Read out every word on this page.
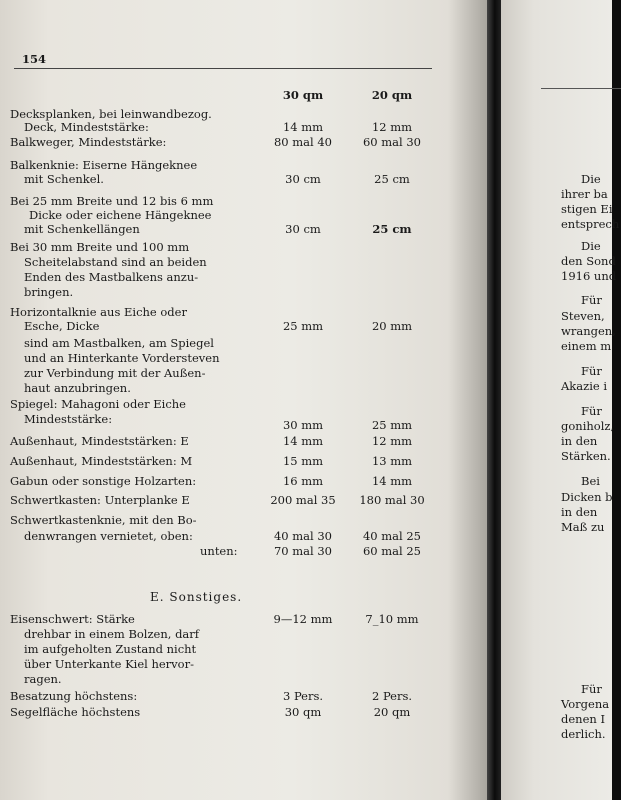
154
30 qm	20 qm
Decksplanken, bei leinwandbezog.
Deck, Mindeststärke:	14 mm	12 mm
Balkweger, Mindeststärke:	80 mal 40	60 mal 30
Balkenknie: Eiserne Hängeknee
mit Schenkel.	30 cm	25 cm
Bei 25 mm Breite und 12 bis 6 mm
Dicke oder eichene Hängeknee
mit Schenkellängen	30 cm	25 cm
Bei 30 mm Breite und 100 mm
Scheitelabstand sind an beiden
Enden des Mastbalkens anzu-
bringen.
Horizontalknie aus Eiche oder
Esche, Dicke	25 mm	20 mm
sind am Mastbalken, am Spiegel
und an Hinterkante Vordersteven
zur Verbindung mit der Außen-
haut anzubringen.
Spiegel: Mahagoni oder Eiche
Mindeststärke:	30 mm	25 mm
Außenhaut, Mindeststärken: E	14 mm	12 mm
Außenhaut, Mindeststärken: M	15 mm	13 mm
Gabun oder sonstige Holzarten:	16 mm	14 mm
Schwertkasten: Unterplanke E	200 mal 35	180 mal 30
Schwertkastenknie, mit den Bo-
denwrangen vernietet, oben:	40 mal 30	40 mal 25
unten:	70 mal 30	60 mal 25
E. Sonstiges.
Eisenschwert: Stärke	9—12 mm	7_10 mm
drehbar in einem Bolzen, darf
im aufgeholten Zustand nicht
über Unterkante Kiel hervor-
ragen.
Besatzung höchstens:	3 Pers.	2 Pers.
Segelfläche höchstens	30 qm	20 qm
Die
ihrer ba
stigen Ei
entsprech
Die
den Sond
1916 und
Für
Steven,
wrangen,
einem m
Für
Akazie i
Für
goniholz,
in den
Stärken.
Bei
Dicken b
in den
Maß zu
Für
Vorgena
denen I
derlich.
